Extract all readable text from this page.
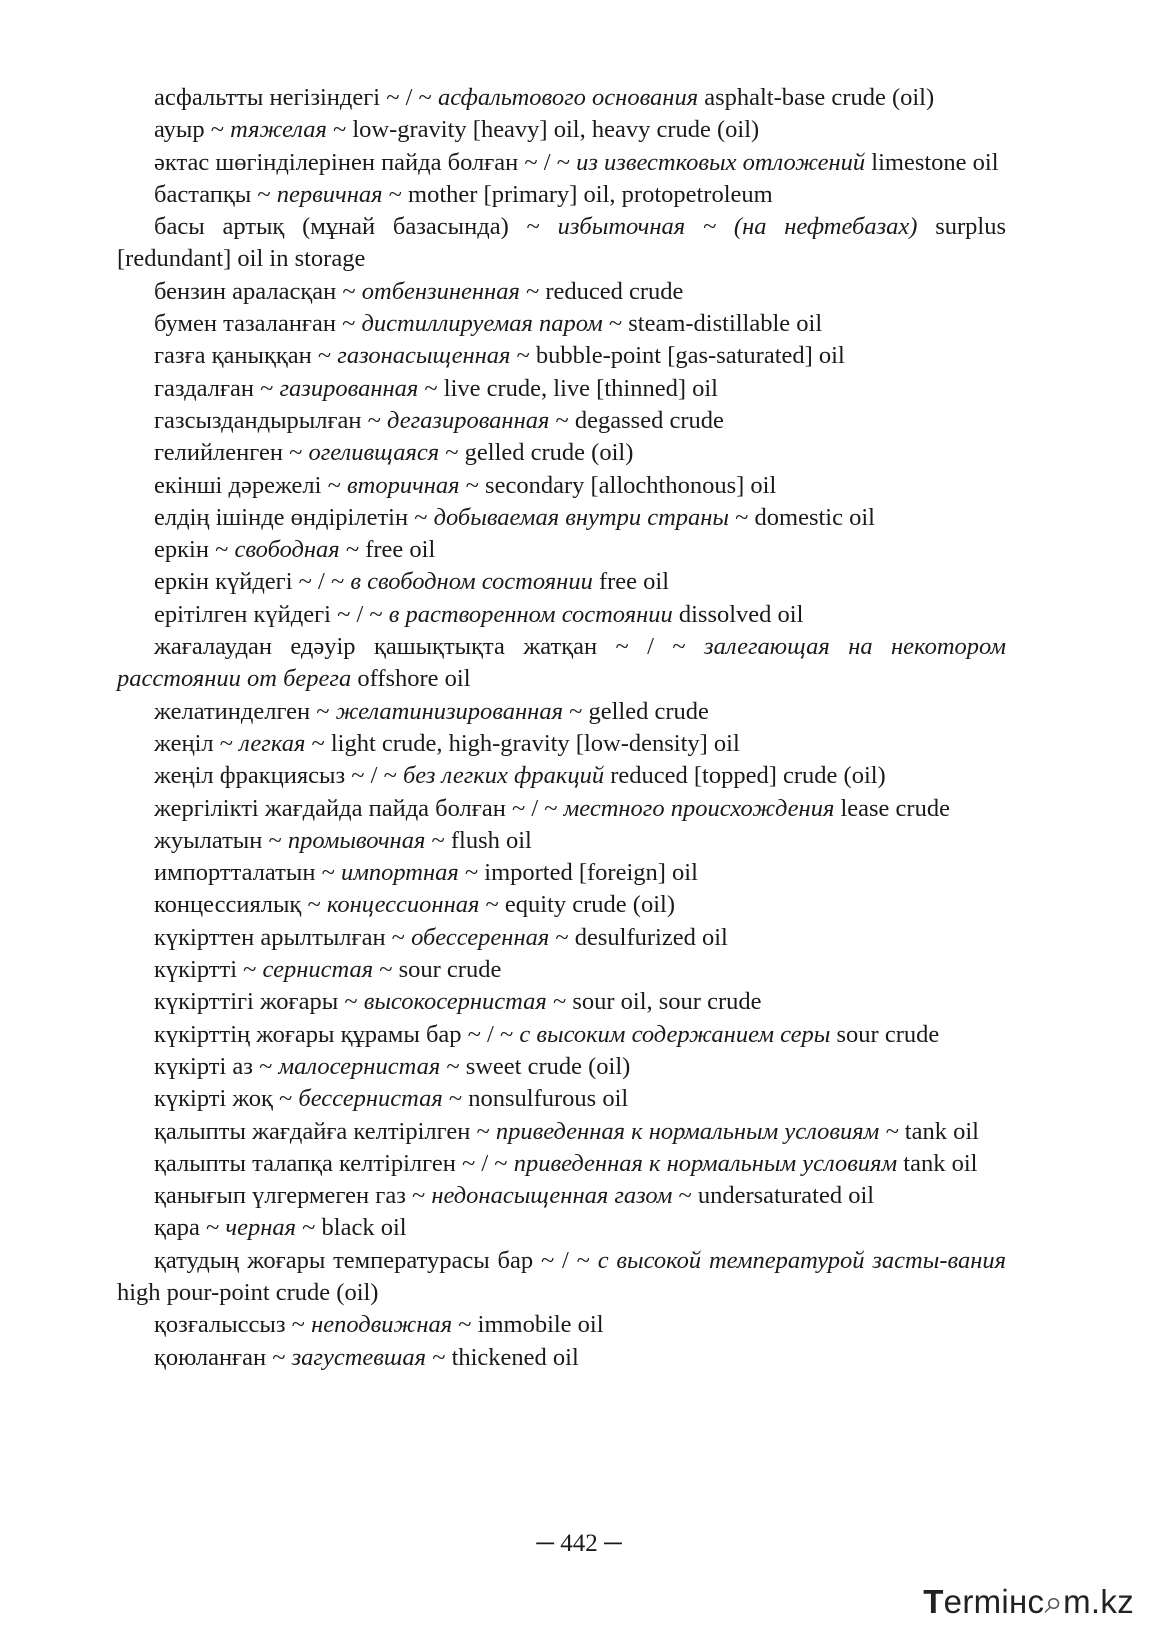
асфальтты негізіндегі ~ / ~ асфальтового основания asphalt-base crude (oil)

ауыр ~ тяжелая ~ low-gravity [heavy] oil, heavy crude (oil)

әктас шөгінділерінен пайда болған ~ / ~ из известковых отложений limestone oil

бастапқы ~ первичная ~ mother [primary] oil, protopetroleum

басы артық (мұнай базасында) ~ избыточная ~ (на нефтебазах) surplus [redundant] oil in storage

бензин араласқан ~ отбензиненная ~ reduced crude

бумен тазаланған ~ дистиллируемая паром ~ steam-distillable oil

газға қаныққан ~ газонасыщенная ~ bubble-point [gas-saturated] oil

газдалған ~ газированная ~ live crude, live [thinned] oil

газсыздандырылған ~ дегазированная ~ degassed crude

гелийленген ~ огеливщаяся ~ gelled crude (oil)

екінші дәрежелі ~ вторичная ~ secondary [allochthonous] oil

елдің ішінде өндірілетін ~ добываемая внутри страны ~ domestic oil

еркін ~ свободная ~ free oil

еркін күйдегі ~ / ~ в свободном состоянии free oil

ерітілген күйдегі ~ / ~ в растворенном состоянии dissolved oil

жағалаудан едәуір қашықтықта жатқан ~ / ~ залегающая на некотором расстоянии от берега offshore oil

желатинделген ~ желатинизированная ~ gelled crude

жеңіл ~ легкая ~ light crude, high-gravity [low-density] oil

жеңіл фракциясыз ~ / ~ без легких фракций reduced [topped] crude (oil)

жергілікті жағдайда пайда болған ~ / ~ местного происхождения lease crude

жуылатын ~ промывочная ~ flush oil

импортталатын ~ импортная ~ imported [foreign] oil

концессиялық ~ концессионная ~ equity crude (oil)

күкірттен арылтылған ~ обессеренная ~ desulfurized oil

күкіртті ~ сернистая ~ sour crude

күкірттігі жоғары ~ высокосернистая ~ sour oil, sour crude

күкірттің жоғары құрамы бар ~ / ~ с высоким содержанием серы sour crude

күкірті аз ~ малосернистая ~ sweet crude (oil)

күкірті жоқ ~ бессернистая ~ nonsulfurous oil

қалыпты жағдайға келтірілген ~ приведенная к нормальным условиям ~ tank oil

қалыпты талапқа келтірілген ~ / ~ приведенная к нормальным условиям tank oil

қанығып үлгермеген газ ~ недонасыщенная газом ~ undersaturated oil

қара ~ черная ~ black oil

қатудың жоғары температурасы бар ~ / ~ с высокой температурой засты-вания high pour-point crude (oil)

қозғалыссыз ~ неподвижная ~ immobile oil

қоюланған ~ загустевшая ~ thickened oil

─ 442 ─
T ermінc ⌕ m.kz
